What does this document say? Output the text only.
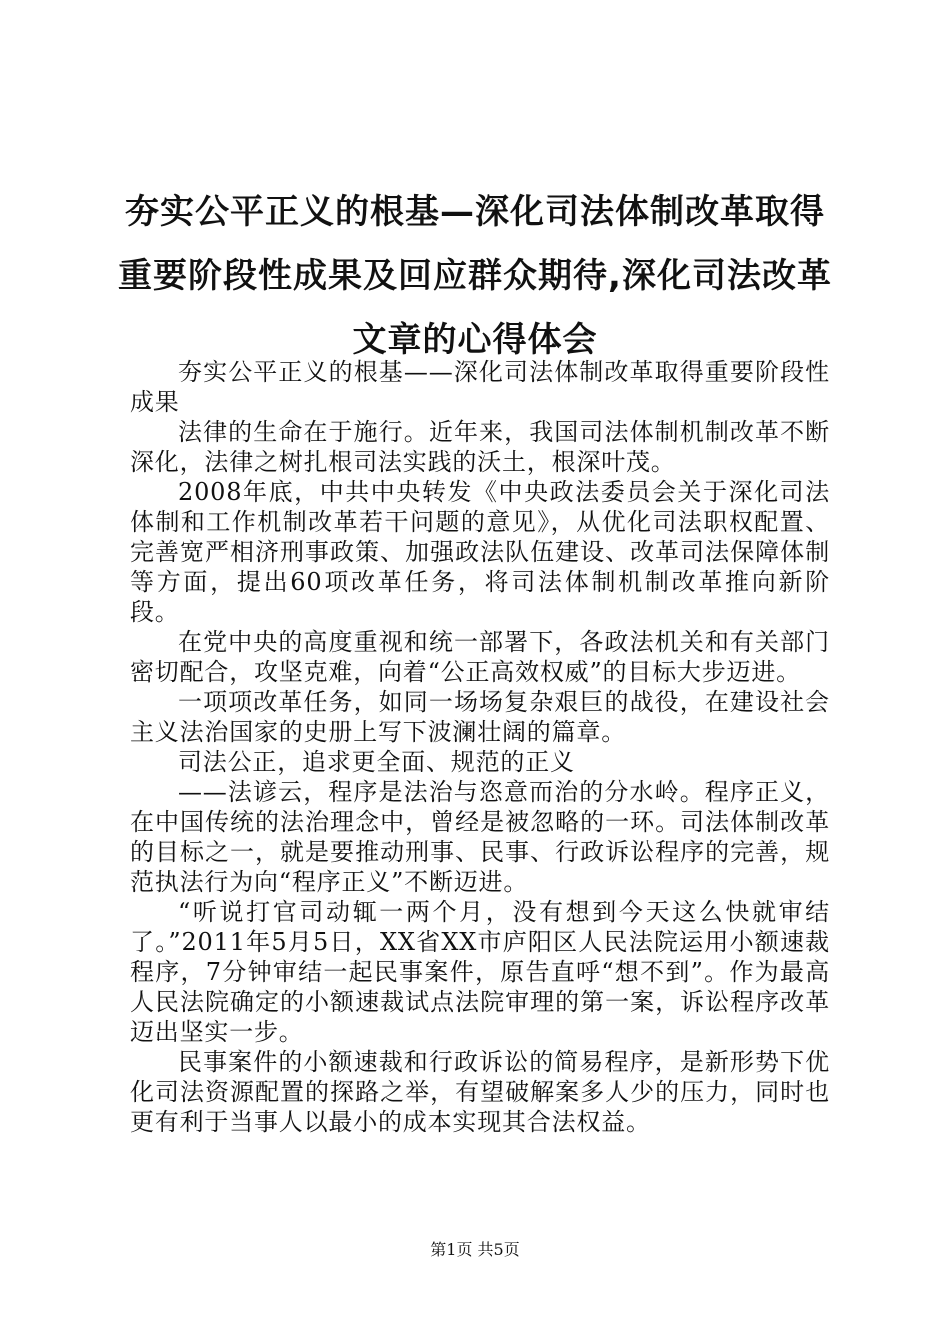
夯实公平正义的根基—深化司法体制改革取得重要阶段性成果及回应群众期待,深化司法改革文章的心得体会

夯实公平正义的根基——深化司法体制改革取得重要阶段性成果

法律的生命在于施行。近年来，我国司法体制机制改革不断深化，法律之树扎根司法实践的沃土，根深叶茂。

2008年底，中共中央转发《中央政法委员会关于深化司法体制和工作机制改革若干问题的意见》，从优化司法职权配置、完善宽严相济刑事政策、加强政法队伍建设、改革司法保障体制等方面，提出60项改革任务，将司法体制机制改革推向新阶段。

在党中央的高度重视和统一部署下，各政法机关和有关部门密切配合，攻坚克难，向着“公正高效权威”的目标大步迈进。

一项项改革任务，如同一场场复杂艰巨的战役，在建设社会主义法治国家的史册上写下波澜壮阔的篇章。

司法公正，追求更全面、规范的正义

——法谚云，程序是法治与恣意而治的分水岭。程序正义，在中国传统的法治理念中，曾经是被忽略的一环。司法体制改革的目标之一，就是要推动刑事、民事、行政诉讼程序的完善，规范执法行为向“程序正义”不断迈进。

“听说打官司动辄一两个月，没有想到今天这么快就审结了。”2011年5月5日，XX省XX市庐阳区人民法院运用小额速裁程序，7分钟审结一起民事案件，原告直呼“想不到”。作为最高人民法院确定的小额速裁试点法院审理的第一案，诉讼程序改革迈出坚实一步。

民事案件的小额速裁和行政诉讼的简易程序，是新形势下优化司法资源配置的探路之举，有望破解案多人少的压力，同时也更有利于当事人以最小的成本实现其合法权益。

第1页 共5页
